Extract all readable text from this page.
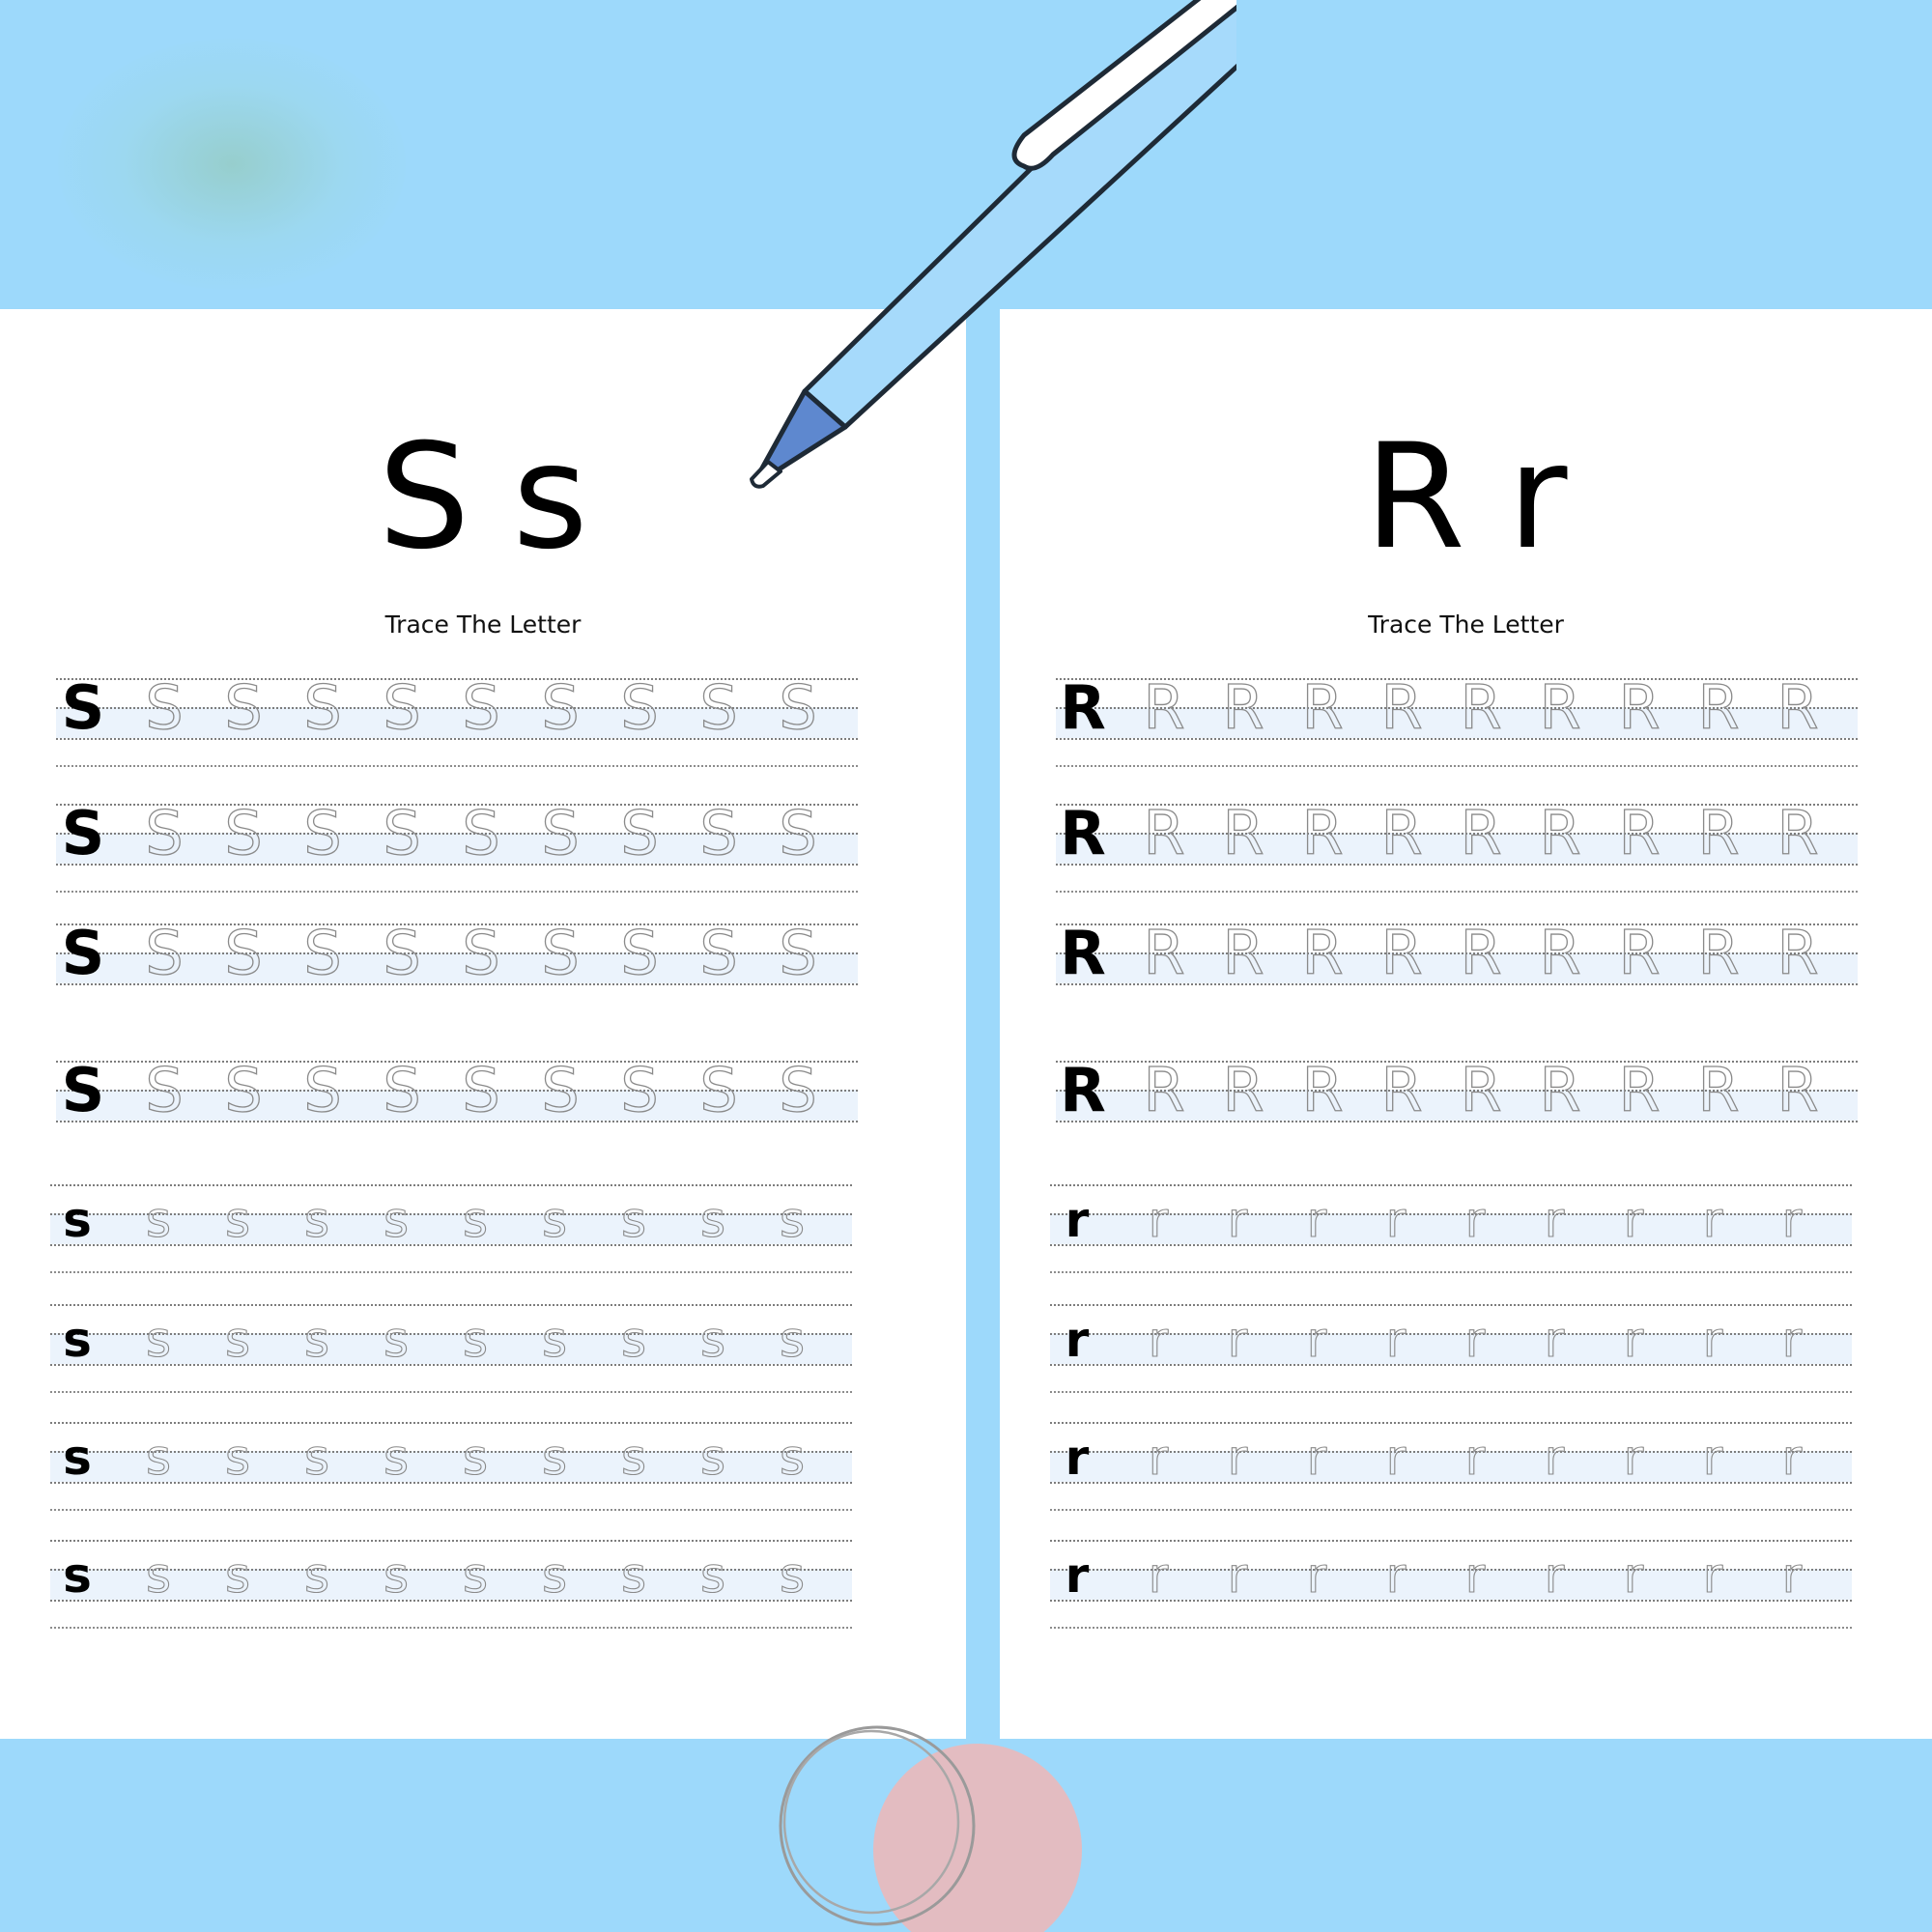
S s
Trace The Letter
S S S S S S S S S S
S S S S S S S S S S
S S S S S S S S S S
S S S S S S S S S S
s	s	s	s	s	s	s	s	s	s
s	s	s	s	s	s	s	s	s	s
s	s	s	s	s	s	s	s	s	s
s	s	s	s	s	s	s	s	s	s
R r
Trace The Letter
R R R R R R R R R R
R R R R R R R R R R
R R R R R R R R R R
R R R R R R R R R R
r	r	r	r	r	r	r	r	r	r
r	r	r	r	r	r	r	r	r	r
r	r	r	r	r	r	r	r	r	r
r	r	r	r	r	r	r	r	r	r
